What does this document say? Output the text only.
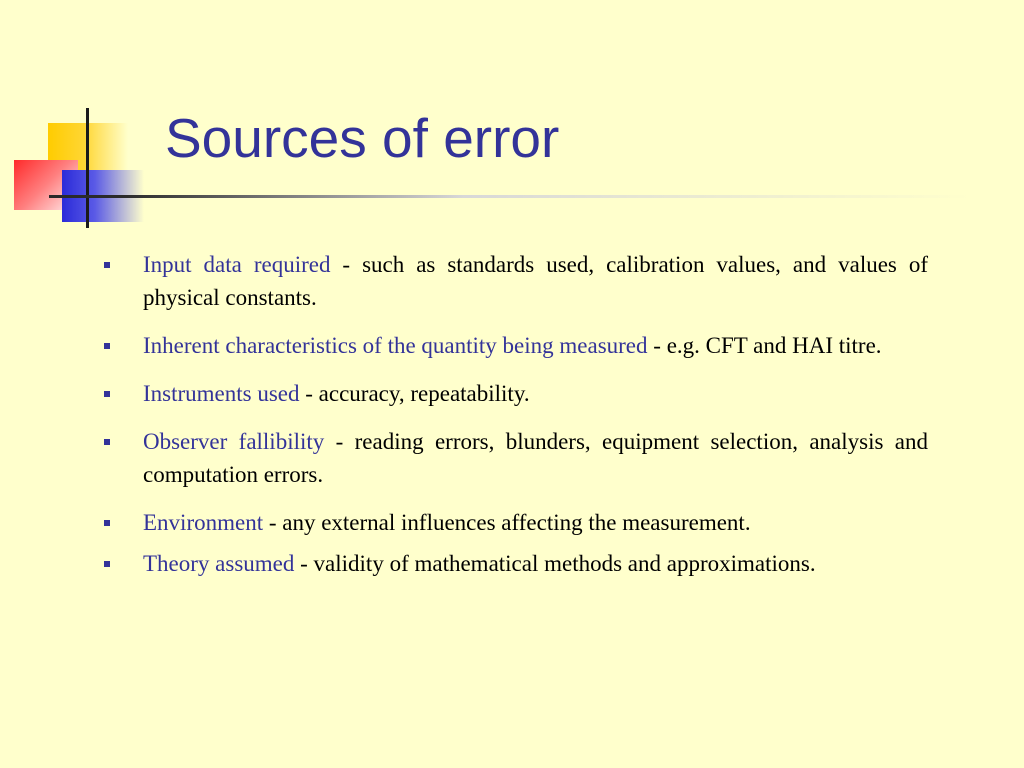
Sources of error
Input data required - such as standards used, calibration values, and values of physical constants.
Inherent characteristics of the quantity being measured - e.g. CFT and HAI titre.
Instruments used - accuracy, repeatability.
Observer fallibility - reading errors, blunders, equipment selection, analysis and computation errors.
Environment - any external influences affecting the measurement.
Theory assumed - validity of mathematical methods and approximations.
